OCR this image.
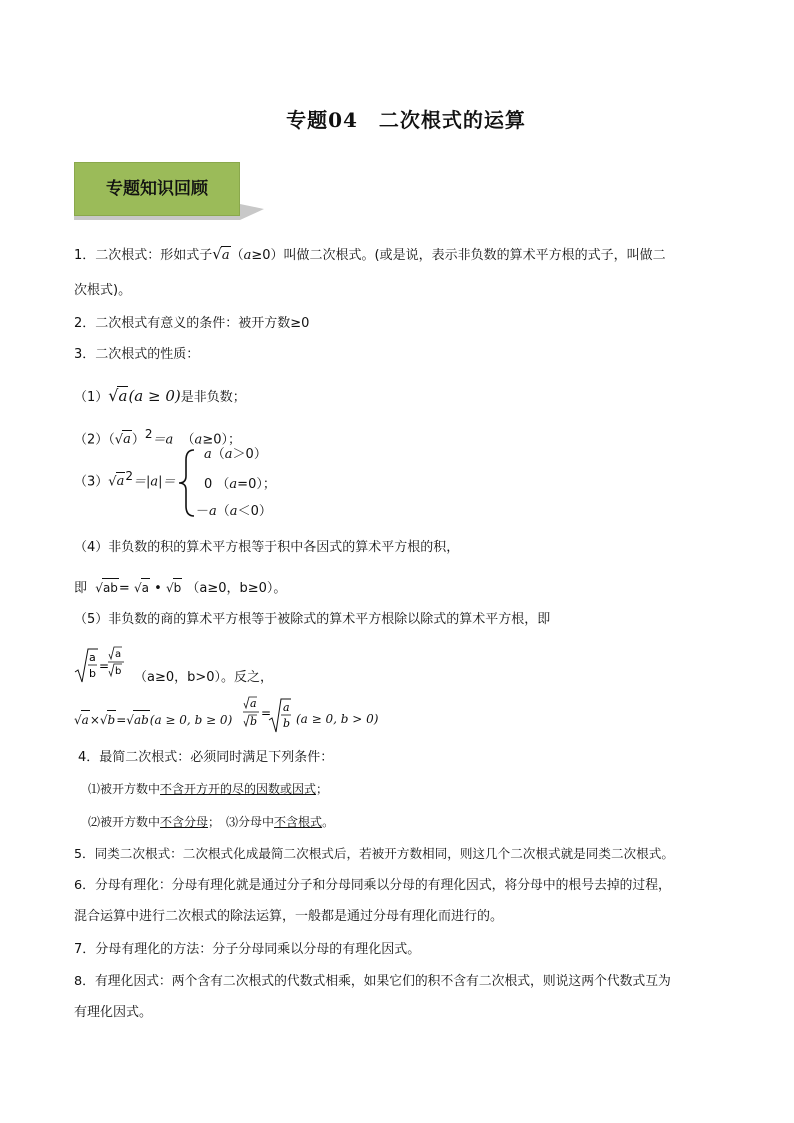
专题04　二次根式的运算
专题知识回顾
1．二次根式：形如式子√a（a≥0）叫做二次根式。(或是说，表示非负数的算术平方根的式子，叫做二
次根式)。
2．二次根式有意义的条件：被开方数≥0
3．二次根式的性质：
（1）√a(a ≥ 0)是非负数；
$(2)(√a)^2=a$ （a≥0）；
$(3)√a^2=|a|=$
a（a＞0）
0 （a=0）；
－a（a＜0）
（4）非负数的积的算术平方根等于积中各因式的算术平方根的积，
即 √ab= √a • √b （a≥0，b≥0）。
（5）非负数的商的算术平方根等于被除式的算术平方根除以除式的算术平方根，即
a
b
=
a
b （a≥0，b>0）。反之，
√a×√b=√ab(a ≥ 0, b ≥ 0)
a
b
= a
b (a ≥ 0, b > 0)
4．最简二次根式：必须同时满足下列条件：
⑴被开方数中不含开方开的尽的因数或因式；
⑵被开方数中不含分母；　⑶分母中不含根式。
5．同类二次根式：二次根式化成最简二次根式后，若被开方数相同，则这几个二次根式就是同类二次根式。
6．分母有理化：分母有理化就是通过分子和分母同乘以分母的有理化因式，将分母中的根号去掉的过程，
混合运算中进行二次根式的除法运算，一般都是通过分母有理化而进行的。
7．分母有理化的方法：分子分母同乘以分母的有理化因式。
8．有理化因式：两个含有二次根式的代数式相乘，如果它们的积不含有二次根式，则说这两个代数式互为
有理化因式。
